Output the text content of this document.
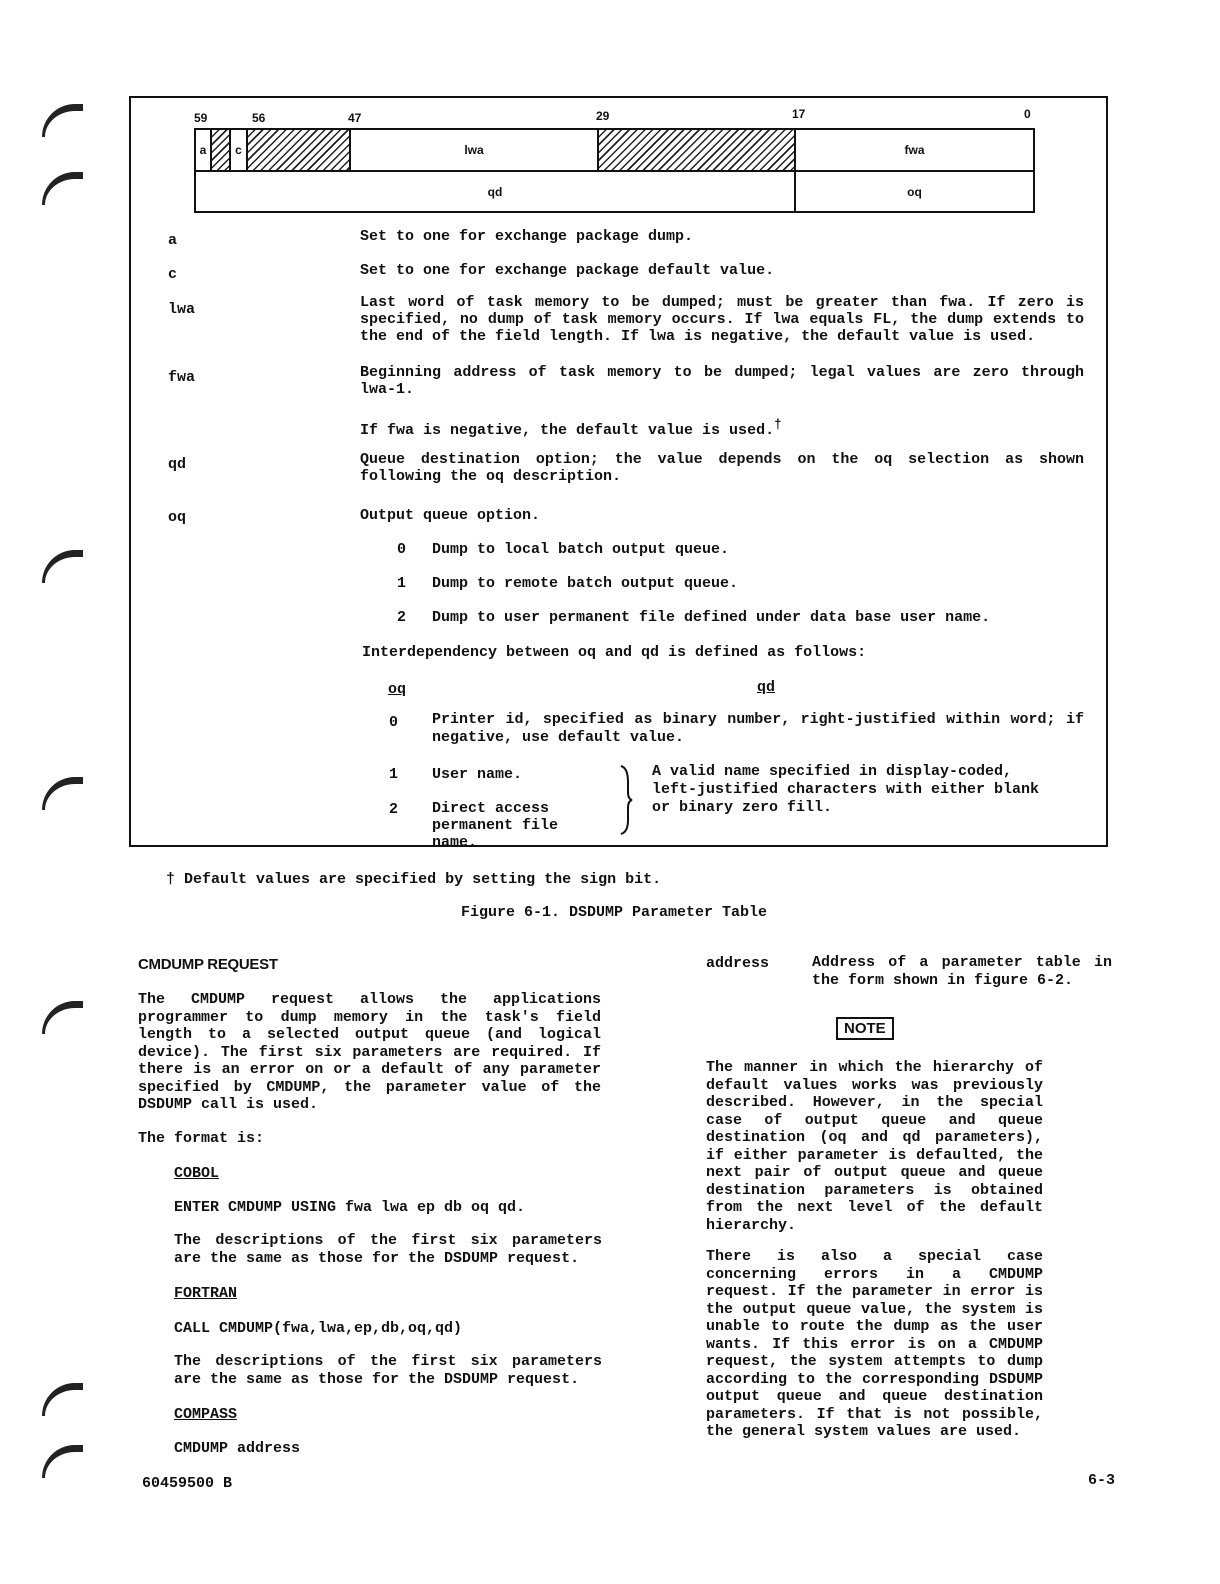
59	56	47	29	17	0
a c	lwa	fwa
qd	oq
a	Set to one for exchange package dump.
c	Set to one for exchange package default value.
lwa	Last word of task memory to be dumped; must be greater than fwa. If zero is specified, no dump of task memory occurs. If lwa equals FL, the dump extends to the end of the field length. If lwa is negative, the default value is used.
fwa	Beginning address of task memory to be dumped; legal values are zero through lwa-1.
If fwa is negative, the default value is used.†
qd	Queue destination option; the value depends on the oq selection as shown following the oq description.
oq	Output queue option.
0 Dump to local batch output queue.
1 Dump to remote batch output queue.
2 Dump to user permanent file defined under data base user name.
Interdependency between oq and qd is defined as follows:
oq	qd
0 Printer id, specified as binary number, right-justified within word; if negative, use default value.
1 User name.
2 Direct access permanent file name.
A valid name specified in display-coded, left-justified characters with either blank or binary zero fill.
† Default values are specified by setting the sign bit.
Figure 6-1. DSDUMP Parameter Table
CMDUMP REQUEST
The CMDUMP request allows the applications programmer to dump memory in the task's field length to a selected output queue (and logical device). The first six parameters are required. If there is an error on or a default of any parameter specified by CMDUMP, the parameter value of the DSDUMP call is used.
The format is:
COBOL
ENTER CMDUMP USING fwa lwa ep db oq qd.
The descriptions of the first six parameters are the same as those for the DSDUMP request.
FORTRAN
CALL CMDUMP(fwa,lwa,ep,db,oq,qd)
The descriptions of the first six parameters are the same as those for the DSDUMP request.
COMPASS
CMDUMP address
address	Address of a parameter table in the form shown in figure 6-2.
NOTE
The manner in which the hierarchy of default values works was previously described. However, in the special case of output queue and queue destination (oq and qd parameters), if either parameter is defaulted, the next pair of output queue and queue destination parameters is obtained from the next level of the default hierarchy.
There is also a special case concerning errors in a CMDUMP request. If the parameter in error is the output queue value, the system is unable to route the dump as the user wants. If this error is on a CMDUMP request, the system attempts to dump according to the corresponding DSDUMP output queue and queue destination parameters. If that is not possible, the general system values are used.
60459500 B	6-3
